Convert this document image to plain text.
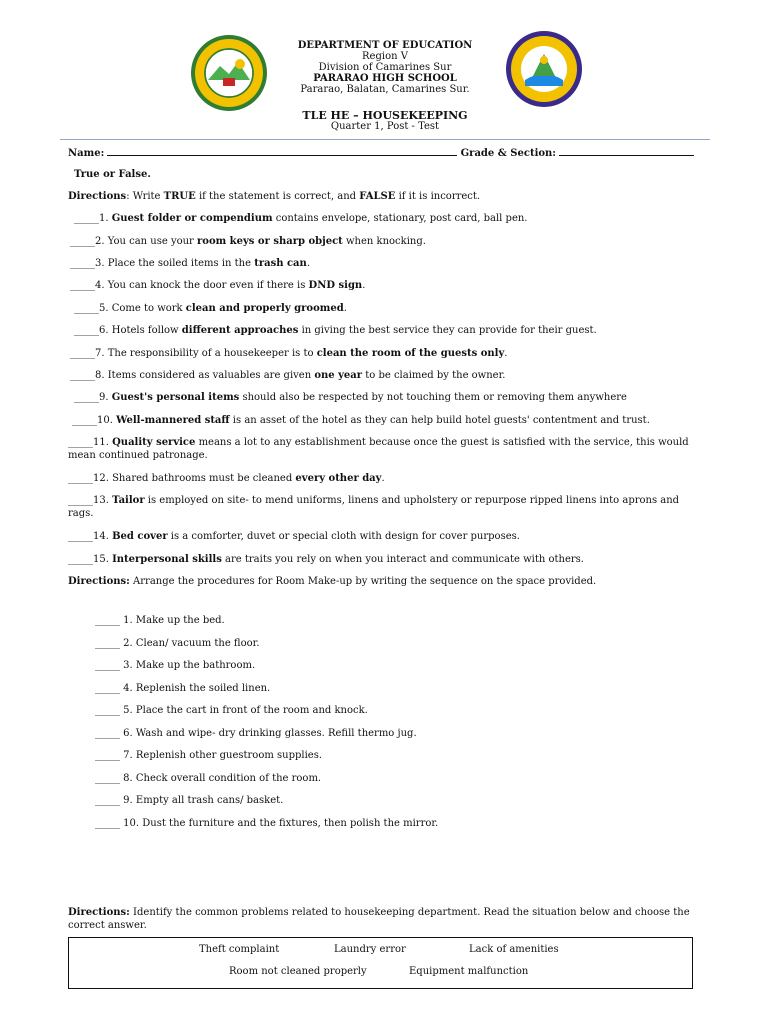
DEPARTMENT OF EDUCATION
Region V
Division of Camarines Sur
PARARAO HIGH SCHOOL
Pararao, Balatan, Camarines Sur.
TLE HE – HOUSEKEEPING
Quarter 1, Post - Test
Name:	Grade & Section:
True or False.
Directions: Write TRUE if the statement is correct, and FALSE if it is incorrect.
_____1. Guest folder or compendium contains envelope, stationary, post card, ball pen.
_____2. You can use your room keys or sharp object when knocking.
_____3. Place the soiled items in the trash can.
_____4. You can knock the door even if there is DND sign.
_____5. Come to work clean and properly groomed.
_____6. Hotels follow different approaches in giving the best service they can provide for their guest.
_____7. The responsibility of a housekeeper is to clean the room of the guests only.
_____8. Items considered as valuables are given one year to be claimed by the owner.
_____9. Guest's personal items should also be respected by not touching them or removing them anywhere
_____10. Well-mannered staff is an asset of the hotel as they can help build hotel guests' contentment and trust.
_____11. Quality service means a lot to any establishment because once the guest is satisfied with the service, this would mean continued patronage.
_____12. Shared bathrooms must be cleaned every other day.
_____13. Tailor is employed on site- to mend uniforms, linens and upholstery or repurpose ripped linens into aprons and rags.
_____14. Bed cover is a comforter, duvet or special cloth with design for cover purposes.
_____15. Interpersonal skills are traits you rely on when you interact and communicate with others.
Directions: Arrange the procedures for Room Make-up by writing the sequence on the space provided.
_____ 1. Make up the bed.
_____ 2. Clean/ vacuum the floor.
_____ 3. Make up the bathroom.
_____ 4. Replenish the soiled linen.
_____ 5. Place the cart in front of the room and knock.
_____ 6. Wash and wipe- dry drinking glasses. Refill thermo jug.
_____ 7. Replenish other guestroom supplies.
_____ 8. Check overall condition of the room.
_____ 9. Empty all trash cans/ basket.
_____ 10. Dust the furniture and the fixtures, then polish the mirror.
Directions: Identify the common problems related to housekeeping department. Read the situation below and choose the correct answer.
Theft complaint	Laundry error	Lack of amenities
Room not cleaned properly	Equipment malfunction
